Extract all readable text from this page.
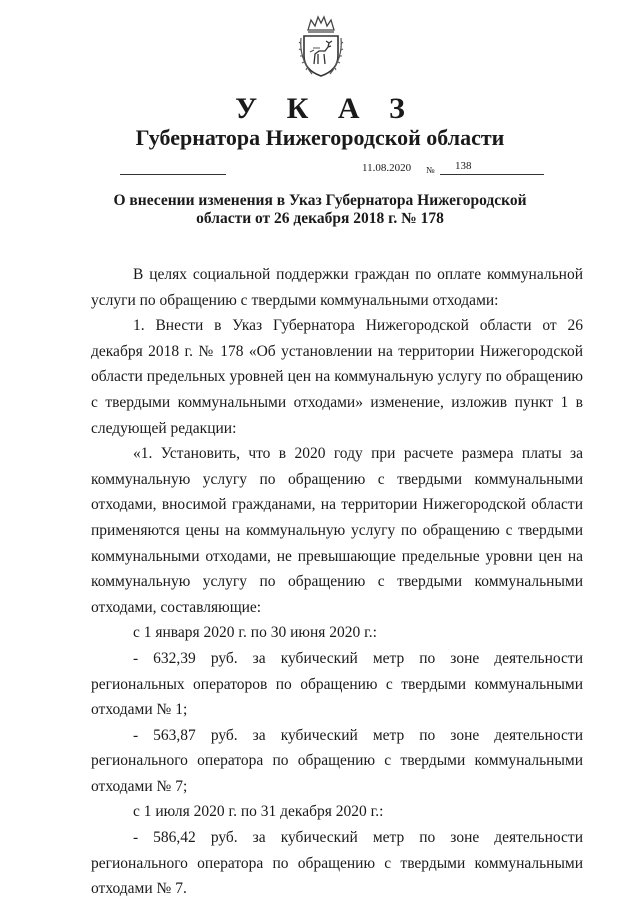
У К А З
Губернатора Нижегородской области
11.08.2020 № 138
О внесении изменения в Указ Губернатора Нижегородской
области от 26 декабря 2018 г. № 178

В целях социальной поддержки граждан по оплате коммунальной услуги по обращению с твердыми коммунальными отходами:

1. Внести в Указ Губернатора Нижегородской области от 26 декабря 2018 г. № 178 «Об установлении на территории Нижегородской области предельных уровней цен на коммунальную услугу по обращению с твердыми коммунальными отходами» изменение, изложив пункт 1 в следующей редакции:

«1. Установить, что в 2020 году при расчете размера платы за коммунальную услугу по обращению с твердыми коммунальными отходами, вносимой гражданами, на территории Нижегородской области применяются цены на коммунальную услугу по обращению с твердыми коммунальными отходами, не превышающие предельные уровни цен на коммунальную услугу по обращению с твердыми коммунальными отходами, составляющие:

с 1 января 2020 г. по 30 июня 2020 г.:

- 632,39 руб. за кубический метр по зоне деятельности региональных операторов по обращению с твердыми коммунальными отходами № 1;

- 563,87 руб. за кубический метр по зоне деятельности регионального оператора по обращению с твердыми коммунальными отходами № 7;

с 1 июля 2020 г. по 31 декабря 2020 г.:

- 586,42 руб. за кубический метр по зоне деятельности регионального оператора по обращению с твердыми коммунальными отходами № 7.
